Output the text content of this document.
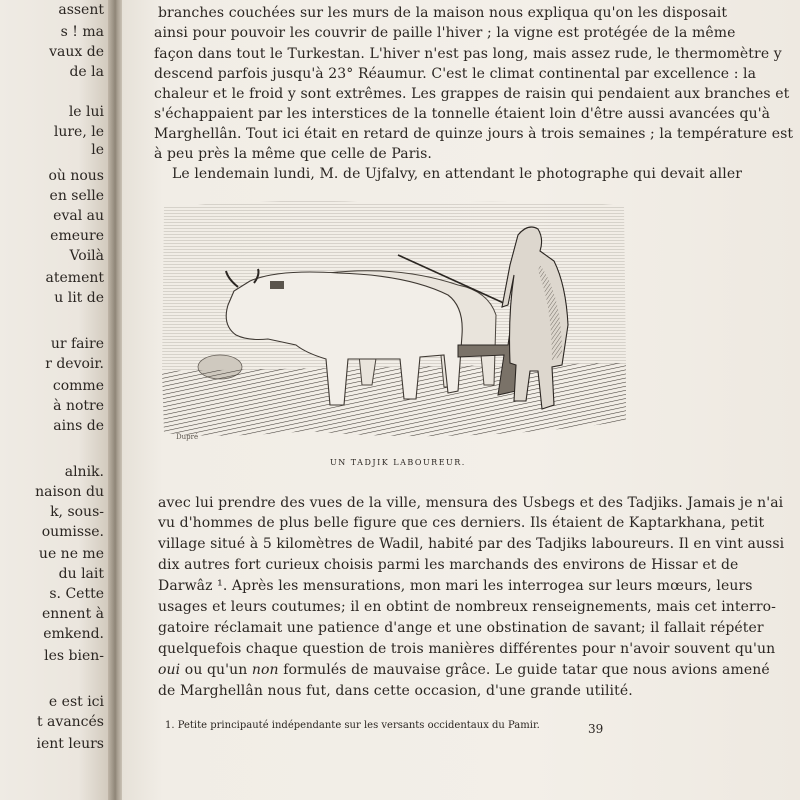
assent
s ! ma
vaux de
de la
le lui
lure, le
le
où nous
en selle
eval au
emeure
Voilà
atement
u lit de
ur faire
r devoir.
comme
à notre
ains de
alnik.
naison du
k, sous-
oumisse.
ue ne me
du lait
s. Cette
ennent à
emkend.
les bien-
e est ici
t avancés
ient leurs
branches couchées sur les murs de la maison nous expliqua qu'on les disposait
ainsi pour pouvoir les couvrir de paille l'hiver ; la vigne est protégée de la même
façon dans tout le Turkestan. L'hiver n'est pas long, mais assez rude, le thermomètre y
descend parfois jusqu'à 23° Réaumur. C'est le climat continental par excellence : la
chaleur et le froid y sont extrêmes. Les grappes de raisin qui pendaient aux branches et
s'échappaient par les interstices de la tonnelle étaient loin d'être aussi avancées qu'à
Marghellân. Tout ici était en retard de quinze jours à trois semaines ; la température est
à peu près la même que celle de Paris.
Le lendemain lundi, M. de Ujfalvy, en attendant le photographe qui devait aller
Dupré
UN TADJIK LABOUREUR.
avec lui prendre des vues de la ville, mensura des Usbegs et des Tadjiks. Jamais je n'ai
vu d'hommes de plus belle figure que ces derniers. Ils étaient de Kaptarkhana, petit
village situé à 5 kilomètres de Wadil, habité par des Tadjiks laboureurs. Il en vint aussi
dix autres fort curieux choisis parmi les marchands des environs de Hissar et de
Darwâz ¹. Après les mensurations, mon mari les interrogea sur leurs mœurs, leurs
usages et leurs coutumes; il en obtint de nombreux renseignements, mais cet interro-
gatoire réclamait une patience d'ange et une obstination de savant; il fallait répéter
quelquefois chaque question de trois manières différentes pour n'avoir souvent qu'un
oui ou qu'un non formulés de mauvaise grâce. Le guide tatar que nous avions amené
de Marghellân nous fut, dans cette occasion, d'une grande utilité.
1. Petite principauté indépendante sur les versants occidentaux du Pamir.	39
